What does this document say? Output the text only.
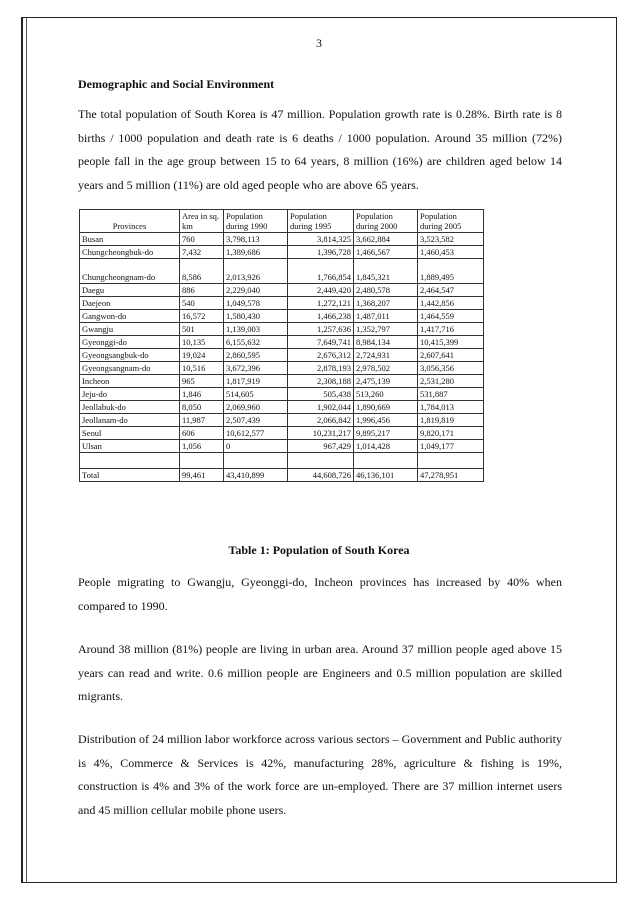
3
Demographic and Social Environment

The total population of South Korea is 47 million. Population growth rate is 0.28%. Birth rate is 8 births / 1000 population and death rate is 6 deaths / 1000 population. Around 35 million (72%) people fall in the age group between 15 to 64 years, 8 million (16%) are children aged below 14 years and 5 million (11%) are old aged people who are above 65 years.

Provinces	Area in sq. km	Population during 1990	Population during 1995	Population during 2000	Population during 2005
Busan	760	3,798,113	3,814,325	3,662,884	3,523,582
Chungcheongbuk-do	7,432	1,389,686	1,396,728	1,466,567	1,460,453
Chungcheongnam-do	8,586	2,013,926	1,766,854	1,845,321	1,889,495
Daegu	886	2,229,040	2,449,420	2,480,578	2,464,547
Daejeon	540	1,049,578	1,272,121	1,368,207	1,442,856
Gangwon-do	16,572	1,580,430	1,466,238	1,487,011	1,464,559
Gwangju	501	1,139,003	1,257,636	1,352,797	1,417,716
Gyeonggi-do	10,135	6,155,632	7,649,741	8,984,134	10,415,399
Gyeongsangbuk-do	19,024	2,860,595	2,676,312	2,724,931	2,607,641
Gyeongsangnam-do	10,516	3,672,396	2,878,193	2,978,502	3,056,356
Incheon	965	1,817,919	2,308,188	2,475,139	2,531,280
Jeju-do	1,846	514,605	505,438	513,260	531,887
Jeollabuk-do	8,050	2,069,960	1,902,044	1,890,669	1,784,013
Jeollanam-do	11,987	2,507,439	2,066,842	1,996,456	1,819,819
Seoul	606	10,612,577	10,231,217	9,895,217	9,820,171
Ulsan	1,056	0	967,429	1,014,428	1,049,177

Total	99,461	43,410,899	44,608,726	46,136,101	47,278,951
Table 1: Population of South Korea

People migrating to Gwangju, Gyeonggi-do, Incheon provinces has increased by 40% when compared to 1990.

Around 38 million (81%) people are living in urban area. Around 37 million people aged above 15 years can read and write. 0.6 million people are Engineers and 0.5 million population are skilled migrants.

Distribution of 24 million labor workforce across various sectors – Government and Public authority is 4%, Commerce & Services is 42%, manufacturing 28%, agriculture & fishing is 19%, construction is 4% and 3% of the work force are un-employed. There are 37 million internet users and 45 million cellular mobile phone users.
